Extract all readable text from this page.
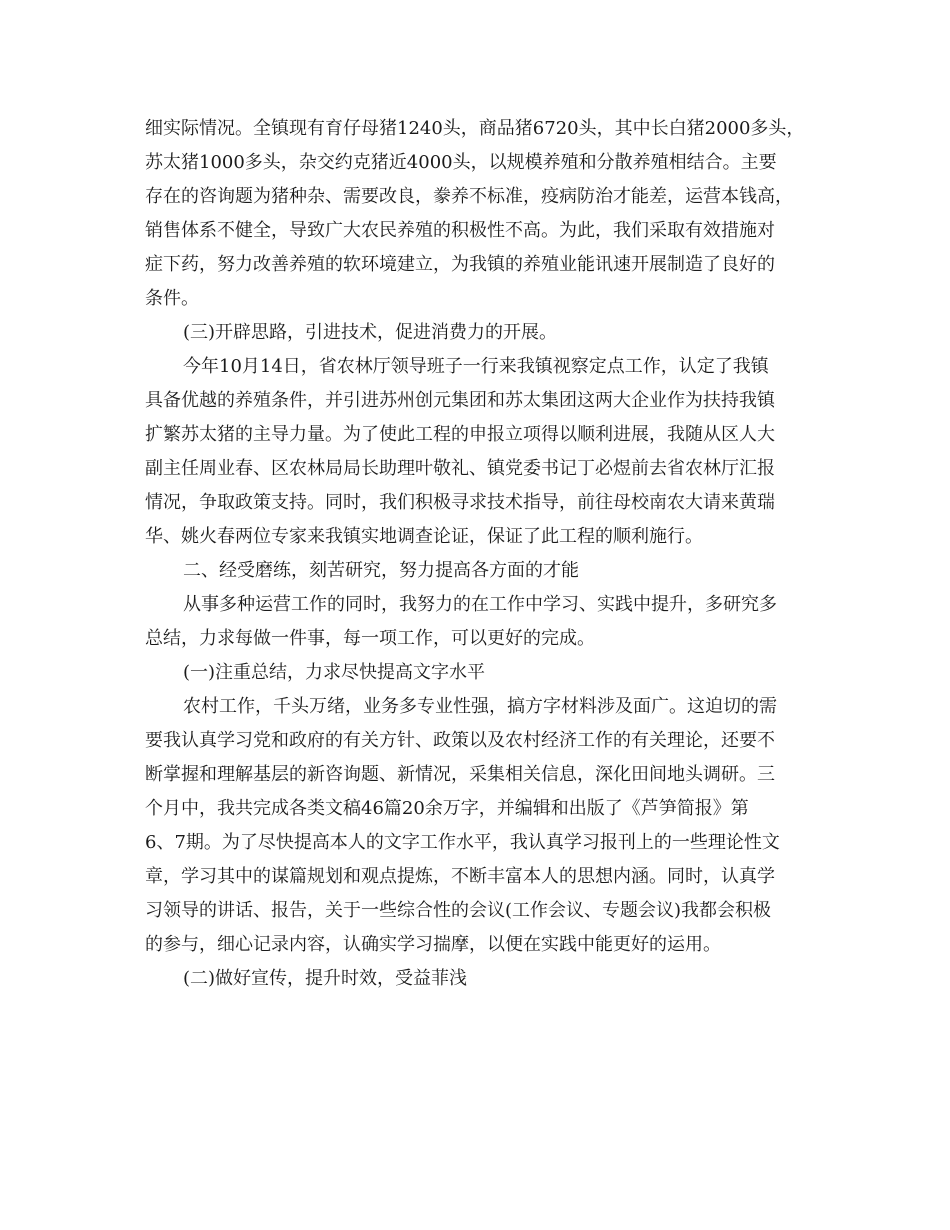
细实际情况。全镇现有育仔母猪1240头，商品猪6720头，其中长白猪2000多头，
苏太猪1000多头，杂交约克猪近4000头，以规模养殖和分散养殖相结合。主要
存在的咨询题为猪种杂、需要改良，豢养不标准，疫病防治才能差，运营本钱高，
销售体系不健全，导致广大农民养殖的积极性不高。为此，我们采取有效措施对
症下药，努力改善养殖的软环境建立，为我镇的养殖业能讯速开展制造了良好的
条件。
(三)开辟思路，引进技术，促进消费力的开展。
今年10月14日，省农林厅领导班子一行来我镇视察定点工作，认定了我镇
具备优越的养殖条件，并引进苏州创元集团和苏太集团这两大企业作为扶持我镇
扩繁苏太猪的主导力量。为了使此工程的申报立项得以顺利进展，我随从区人大
副主任周业春、区农林局局长助理叶敬礼、镇党委书记丁必煜前去省农林厅汇报
情况，争取政策支持。同时，我们积极寻求技术指导，前往母校南农大请来黄瑞
华、姚火春两位专家来我镇实地调查论证，保证了此工程的顺利施行。
二、经受磨练，刻苦研究，努力提高各方面的才能
从事多种运营工作的同时，我努力的在工作中学习、实践中提升，多研究多
总结，力求每做一件事，每一项工作，可以更好的完成。
(一)注重总结，力求尽快提高文字水平
农村工作，千头万绪，业务多专业性强，搞方字材料涉及面广。这迫切的需
要我认真学习党和政府的有关方针、政策以及农村经济工作的有关理论，还要不
断掌握和理解基层的新咨询题、新情况，采集相关信息，深化田间地头调研。三
个月中，我共完成各类文稿46篇20余万字，并编辑和出版了《芦笋简报》第
6、7期。为了尽快提高本人的文字工作水平，我认真学习报刊上的一些理论性文
章，学习其中的谋篇规划和观点提炼，不断丰富本人的思想内涵。同时，认真学
习领导的讲话、报告，关于一些综合性的会议(工作会议、专题会议)我都会积极
的参与，细心记录内容，认确实学习揣摩，以便在实践中能更好的运用。
(二)做好宣传，提升时效，受益菲浅
